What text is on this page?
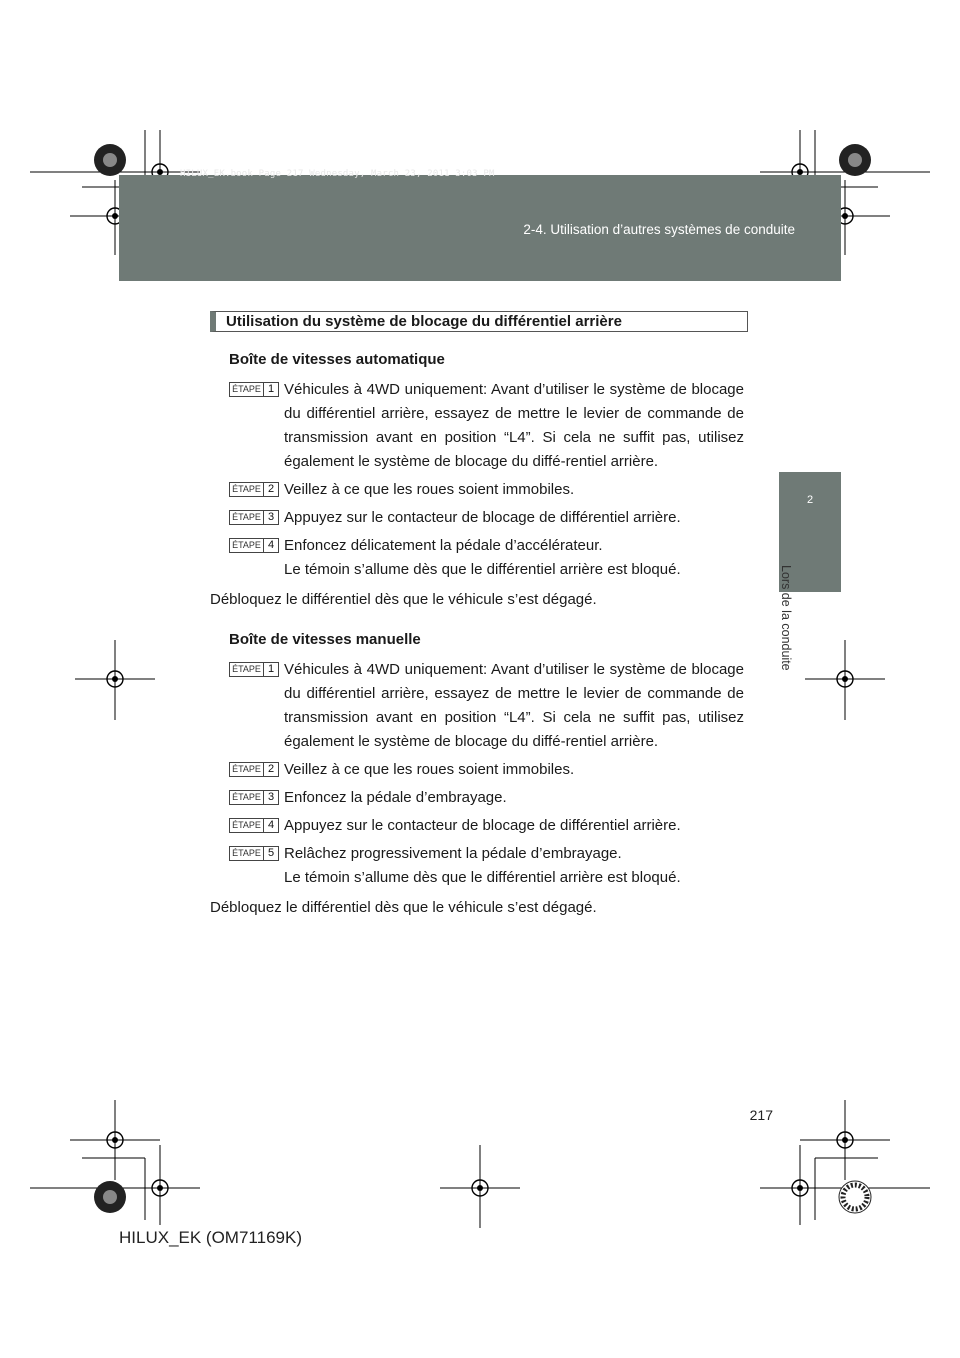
HILUX_EK.book Page 217 Wednesday, March 23, 2011 3:03 PM
2-4. Utilisation d’autres systèmes de conduite
2
Lors de la conduite
Utilisation du système de blocage du différentiel arrière
Boîte de vitesses automatique
ÉTAPE 1 Véhicules à 4WD uniquement: Avant d’utiliser le système de blocage du différentiel arrière, essayez de mettre le levier de commande de transmission avant en position “L4”. Si cela ne suffit pas, utilisez également le système de blocage du diffé-rentiel arrière.
ÉTAPE 2 Veillez à ce que les roues soient immobiles.
ÉTAPE 3 Appuyez sur le contacteur de blocage de différentiel arrière.
ÉTAPE 4 Enfoncez délicatement la pédale d’accélérateur.
Le témoin s’allume dès que le différentiel arrière est bloqué.
Débloquez le différentiel dès que le véhicule s’est dégagé.
Boîte de vitesses manuelle
ÉTAPE 1 Véhicules à 4WD uniquement: Avant d’utiliser le système de blocage du différentiel arrière, essayez de mettre le levier de commande de transmission avant en position “L4”. Si cela ne suffit pas, utilisez également le système de blocage du diffé-rentiel arrière.
ÉTAPE 2 Veillez à ce que les roues soient immobiles.
ÉTAPE 3 Enfoncez la pédale d’embrayage.
ÉTAPE 4 Appuyez sur le contacteur de blocage de différentiel arrière.
ÉTAPE 5 Relâchez progressivement la pédale d’embrayage.
Le témoin s’allume dès que le différentiel arrière est bloqué.
Débloquez le différentiel dès que le véhicule s’est dégagé.
217
HILUX_EK (OM71169K)
